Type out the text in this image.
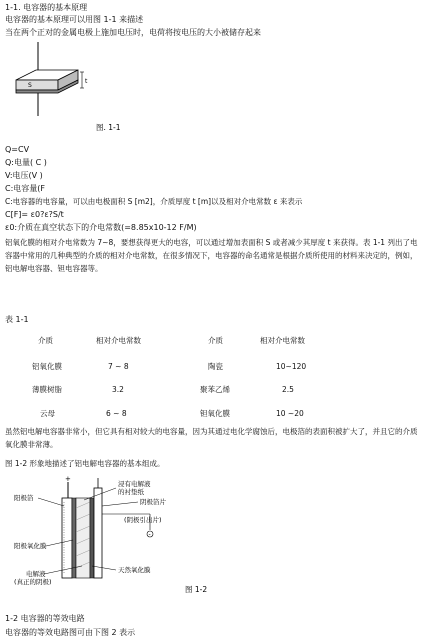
1-1. 电容器的基本原理
电容器的基本原理可以用图 1-1 来描述
当在两个正对的金属电极上施加电压时，电荷将按电压的大小被储存起来
S
t
图. 1-1
Q=CV
Q:电量( C )
V:电压(V )
C:电容量(F
C:电容器的电容量，可以由电极面积 S [m2]，介质厚度 t [m]以及相对介电常数 ε 来表示
C[F]= ε0?ε?S/t
ε0:介质在真空状态下的介电常数(=8.85x10-12 F/M)
铝氧化膜的相对介电常数为 7~8，要想获得更大的电容，可以通过增加表面积 S 或者减少其厚度 t 来获得。表 1-1 列出了电容器中常用的几种典型的介质的相对介电常数，在很多情况下，电容器的命名通常是根据介质所使用的材料来决定的，例如，铝电解电容器、钽电容器等。
表 1-1
介质	相对介电常数	介质	相对介电常数
铝氧化膜	7 ~ 8	陶瓷	10~120
薄膜树脂	3.2	聚苯乙烯	2.5
云母	6 ~ 8	钽氧化膜	10 ~20
虽然铝电解电容器非常小，但它具有相对较大的电容量，因为其通过电化学腐蚀后，电极箔的表面积被扩大了，并且它的介质氧化膜非常薄。
图 1-2 形象地描述了铝电解电容器的基本组成。
+
-
阳极箔
浸有电解液
的衬垫纸
阴极箔片
(阴极引出片)
阳极氧化膜
电解液
(真正的阴极)
天然氧化膜
图 1-2
1-2 电容器的等效电路
电容器的等效电路图可由下图 2 表示
